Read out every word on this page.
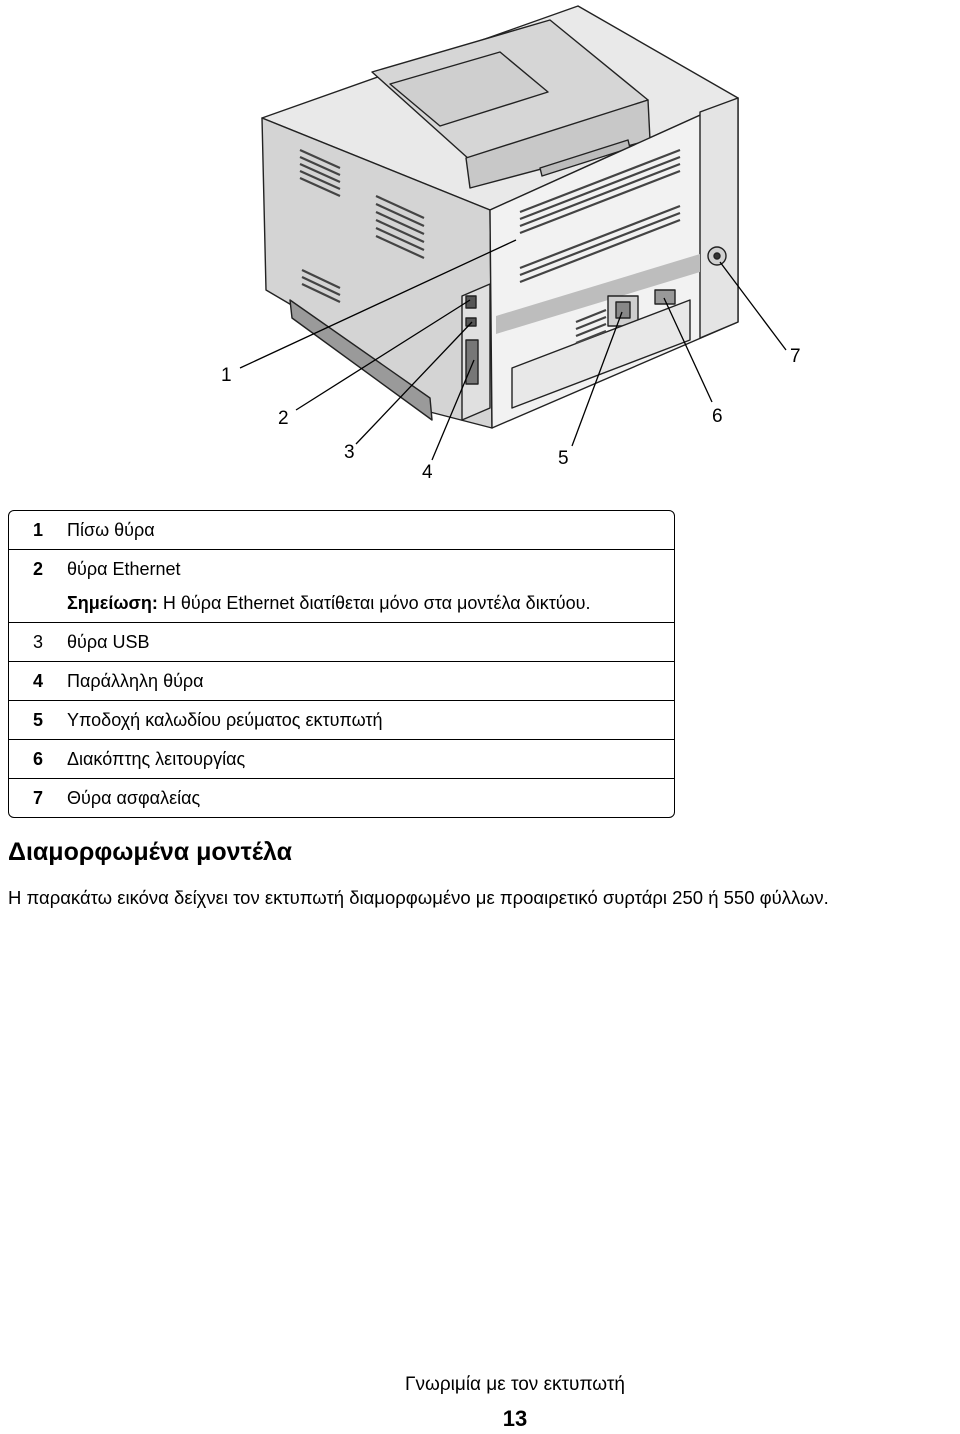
1
2
3
4
5
6
7
1	Πίσω θύρα
2	θύρα Ethernet
Σημείωση: Η θύρα Ethernet διατίθεται μόνο στα μοντέλα δικτύου.

3	θύρα USB
4	Παράλληλη θύρα
5	Υποδοχή καλωδίου ρεύματος εκτυπωτή
6	Διακόπτης λειτουργίας
7	Θύρα ασφαλείας
Διαμορφωμένα μοντέλα

Η παρακάτω εικόνα δείχνει τον εκτυπωτή διαμορφωμένο με προαιρετικό συρτάρι 250 ή 550 φύλλων.

Γνωριμία με τον εκτυπωτή

13
